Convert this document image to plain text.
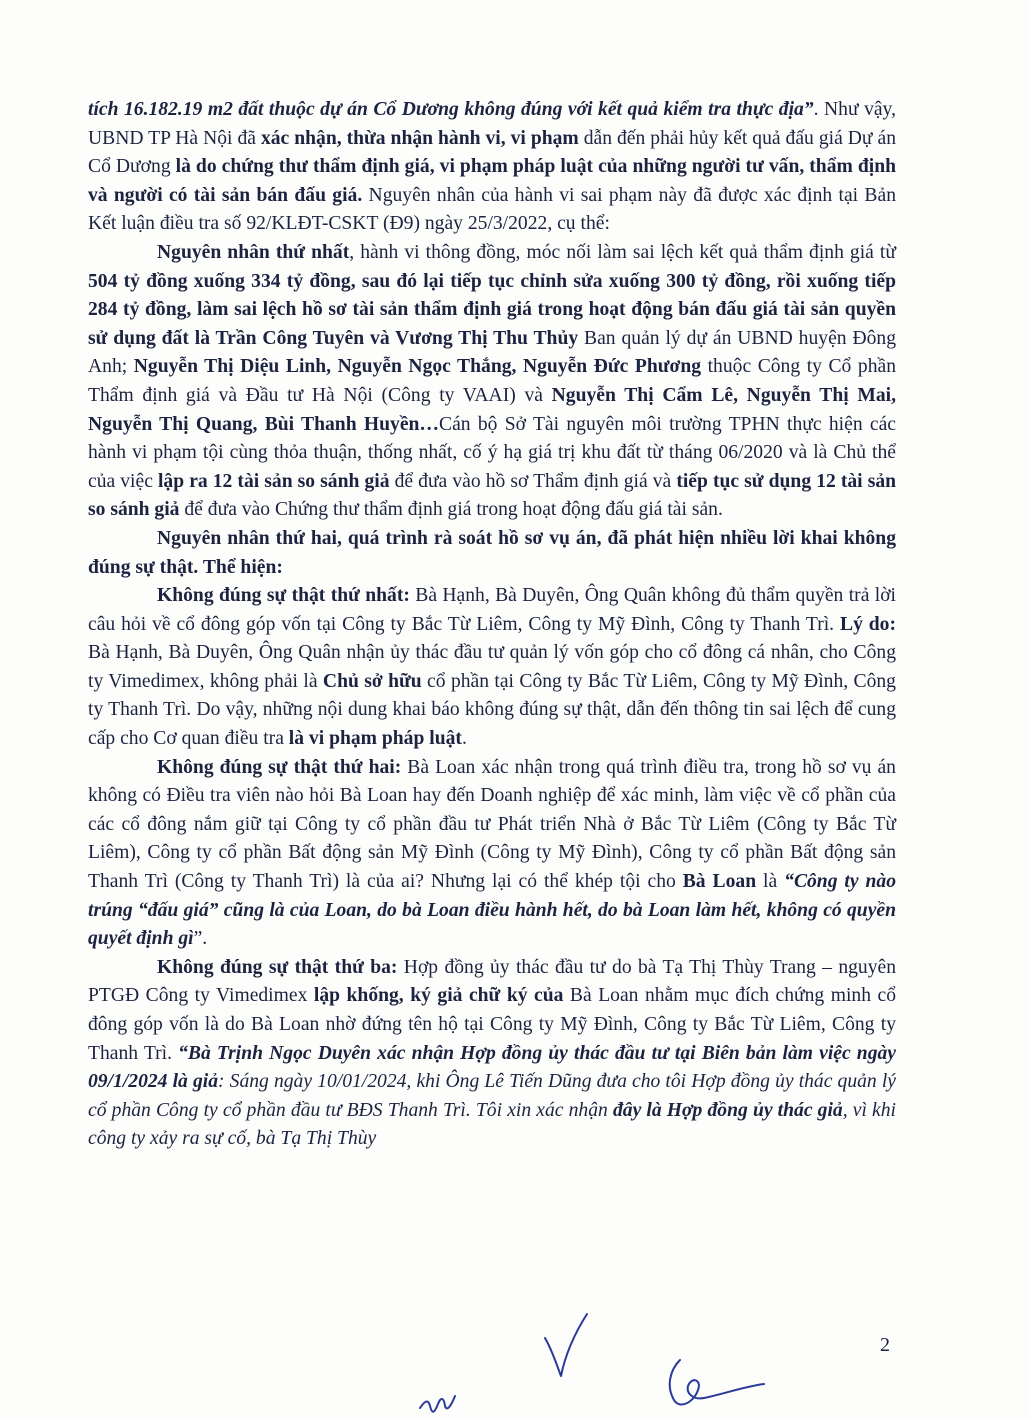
tích 16.182.19 m2 đất thuộc dự án Cổ Dương không đúng với kết quả kiểm tra thực địa”. Như vậy, UBND TP Hà Nội đã xác nhận, thừa nhận hành vi, vi phạm dẫn đến phải hủy kết quả đấu giá Dự án Cổ Dương là do chứng thư thẩm định giá, vi phạm pháp luật của những người tư vấn, thẩm định và người có tài sản bán đấu giá. Nguyên nhân của hành vi sai phạm này đã được xác định tại Bản Kết luận điều tra số 92/KLĐT-CSKT (Đ9) ngày 25/3/2022, cụ thể:

Nguyên nhân thứ nhất, hành vi thông đồng, móc nối làm sai lệch kết quả thẩm định giá từ 504 tỷ đồng xuống 334 tỷ đồng, sau đó lại tiếp tục chỉnh sửa xuống 300 tỷ đồng, rồi xuống tiếp 284 tỷ đồng, làm sai lệch hồ sơ tài sản thẩm định giá trong hoạt động bán đấu giá tài sản quyền sử dụng đất là Trần Công Tuyên và Vương Thị Thu Thủy Ban quản lý dự án UBND huyện Đông Anh; Nguyễn Thị Diệu Linh, Nguyễn Ngọc Thắng, Nguyễn Đức Phương thuộc Công ty Cổ phần Thẩm định giá và Đầu tư Hà Nội (Công ty VAAI) và Nguyễn Thị Cẩm Lê, Nguyễn Thị Mai, Nguyễn Thị Quang, Bùi Thanh Huyền…Cán bộ Sở Tài nguyên môi trường TPHN thực hiện các hành vi phạm tội cùng thỏa thuận, thống nhất, cố ý hạ giá trị khu đất từ tháng 06/2020 và là Chủ thể của việc lập ra 12 tài sản so sánh giả để đưa vào hồ sơ Thẩm định giá và tiếp tục sử dụng 12 tài sản so sánh giả để đưa vào Chứng thư thẩm định giá trong hoạt động đấu giá tài sản.

Nguyên nhân thứ hai, quá trình rà soát hồ sơ vụ án, đã phát hiện nhiều lời khai không đúng sự thật. Thể hiện:

Không đúng sự thật thứ nhất: Bà Hạnh, Bà Duyên, Ông Quân không đủ thẩm quyền trả lời câu hỏi về cổ đông góp vốn tại Công ty Bắc Từ Liêm, Công ty Mỹ Đình, Công ty Thanh Trì. Lý do: Bà Hạnh, Bà Duyên, Ông Quân nhận ủy thác đầu tư quản lý vốn góp cho cổ đông cá nhân, cho Công ty Vimedimex, không phải là Chủ sở hữu cổ phần tại Công ty Bắc Từ Liêm, Công ty Mỹ Đình, Công ty Thanh Trì. Do vậy, những nội dung khai báo không đúng sự thật, dẫn đến thông tin sai lệch để cung cấp cho Cơ quan điều tra là vi phạm pháp luật.

Không đúng sự thật thứ hai: Bà Loan xác nhận trong quá trình điều tra, trong hồ sơ vụ án không có Điều tra viên nào hỏi Bà Loan hay đến Doanh nghiệp để xác minh, làm việc về cổ phần của các cổ đông nắm giữ tại Công ty cổ phần đầu tư Phát triển Nhà ở Bắc Từ Liêm (Công ty Bắc Từ Liêm), Công ty cổ phần Bất động sản Mỹ Đình (Công ty Mỹ Đình), Công ty cổ phần Bất động sản Thanh Trì (Công ty Thanh Trì) là của ai? Nhưng lại có thể khép tội cho Bà Loan là “Công ty nào trúng “đấu giá” cũng là của Loan, do bà Loan điều hành hết, do bà Loan làm hết, không có quyền quyết định gì”.

Không đúng sự thật thứ ba: Hợp đồng ủy thác đầu tư do bà Tạ Thị Thùy Trang – nguyên PTGĐ Công ty Vimedimex lập khống, ký giả chữ ký của Bà Loan nhằm mục đích chứng minh cổ đông góp vốn là do Bà Loan nhờ đứng tên hộ tại Công ty Mỹ Đình, Công ty Bắc Từ Liêm, Công ty Thanh Trì. “Bà Trịnh Ngọc Duyên xác nhận Hợp đồng ủy thác đầu tư tại Biên bản làm việc ngày 09/1/2024 là giả: Sáng ngày 10/01/2024, khi Ông Lê Tiến Dũng đưa cho tôi Hợp đồng ủy thác quản lý cổ phần Công ty cổ phần đầu tư BĐS Thanh Trì. Tôi xin xác nhận đây là Hợp đồng ủy thác giả, vì khi công ty xảy ra sự cố, bà Tạ Thị Thùy

2
